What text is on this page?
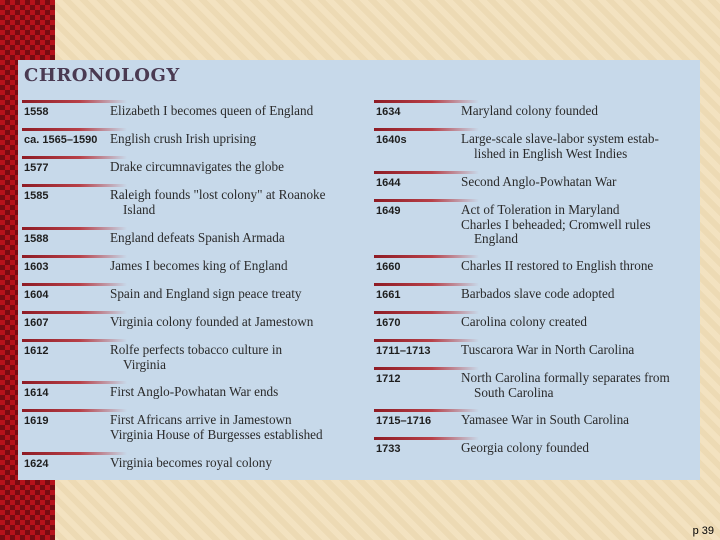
CHRONOLOGY
1558	Elizabeth I becomes queen of England
ca. 1565–1590 English crush Irish uprising
1577	Drake circumnavigates the globe
1585	Raleigh founds "lost colony" at Roanoke
Island
1588	England defeats Spanish Armada
1603	James I becomes king of England
1604	Spain and England sign peace treaty
1607	Virginia colony founded at Jamestown
1612	Rolfe perfects tobacco culture in
Virginia
1614	First Anglo-Powhatan War ends
1619	First Africans arrive in Jamestown
Virginia House of Burgesses established
1624	Virginia becomes royal colony
1634	Maryland colony founded
1640s	Large-scale slave-labor system estab-
lished in English West Indies
1644	Second Anglo-Powhatan War
1649	Act of Toleration in Maryland
Charles I beheaded; Cromwell rules
England
1660	Charles II restored to English throne
1661	Barbados slave code adopted
1670	Carolina colony created
1711–1713 Tuscarora War in North Carolina
1712	North Carolina formally separates from
South Carolina
1715–1716 Yamasee War in South Carolina
1733	Georgia colony founded
p 39
